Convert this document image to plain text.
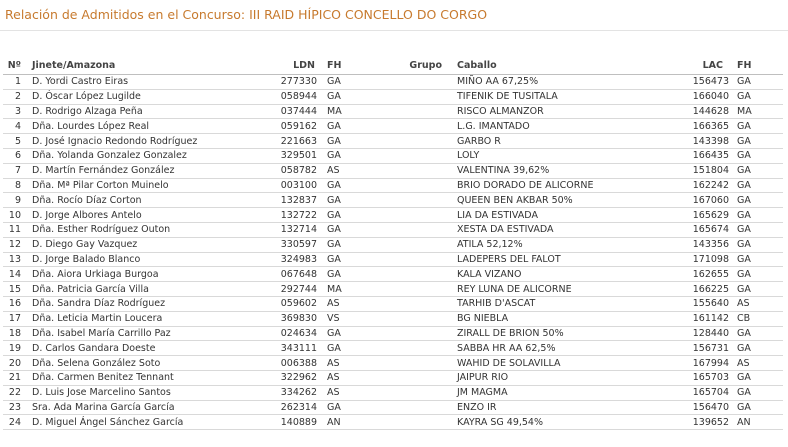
Relación de Admitidos en el Concurso: III RAID HÍPICO CONCELLO DO CORGO
Nº	Jinete/Amazona	LDN	FH	Grupo	Caballo	LAC	FH
1	D. Yordi Castro Eiras	277330	GA		MIÑO AA 67,25%	156473	GA
2	D. Óscar López Lugilde	058944	GA		TIFENIK DE TUSITALA	166040	GA
3	D. Rodrigo Alzaga Peña	037444	MA		RISCO ALMANZOR	144628	MA
4	Dña. Lourdes López Real	059162	GA		L.G. IMANTADO	166365	GA
5	D. José Ignacio Redondo Rodríguez	221663	GA		GARBO R	143398	GA
6	Dña. Yolanda Gonzalez Gonzalez	329501	GA		LOLY	166435	GA
7	D. Martín Fernández González	058782	AS		VALENTINA 39,62%	151804	GA
8	Dña. Mª Pilar Corton Muinelo	003100	GA		BRIO DORADO DE ALICORNE	162242	GA
9	Dña. Rocío Díaz Corton	132837	GA		QUEEN BEN AKBAR 50%	167060	GA
10	D. Jorge Albores Antelo	132722	GA		LIA DA ESTIVADA	165629	GA
11	Dña. Esther Rodríguez Outon	132714	GA		XESTA DA ESTIVADA	165674	GA
12	D. Diego Gay Vazquez	330597	GA		ATILA 52,12%	143356	GA
13	D. Jorge Balado Blanco	324983	GA		LADEPERS DEL FALOT	171098	GA
14	Dña. Aiora Urkiaga Burgoa	067648	GA		KALA VIZANO	162655	GA
15	Dña. Patricia García Villa	292744	MA		REY LUNA DE ALICORNE	166225	GA
16	Dña. Sandra Díaz Rodríguez	059602	AS		TARHIB D'ASCAT	155640	AS
17	Dña. Leticia Martin Loucera	369830	VS		BG NIEBLA	161142	CB
18	Dña. Isabel María Carrillo Paz	024634	GA		ZIRALL DE BRION 50%	128440	GA
19	D. Carlos Gandara Doeste	343111	GA		SABBA HR AA 62,5%	156731	GA
20	Dña. Selena González Soto	006388	AS		WAHID DE SOLAVILLA	167994	AS
21	Dña. Carmen Benitez Tennant	322962	AS		JAIPUR RIO	165703	GA
22	D. Luis Jose Marcelino Santos	334262	AS		JM MAGMA	165704	GA
23	Sra. Ada Marina García García	262314	GA		ENZO IR	156470	GA
24	D. Miguel Ángel Sánchez García	140889	AN		KAYRA SG 49,54%	139652	AN
